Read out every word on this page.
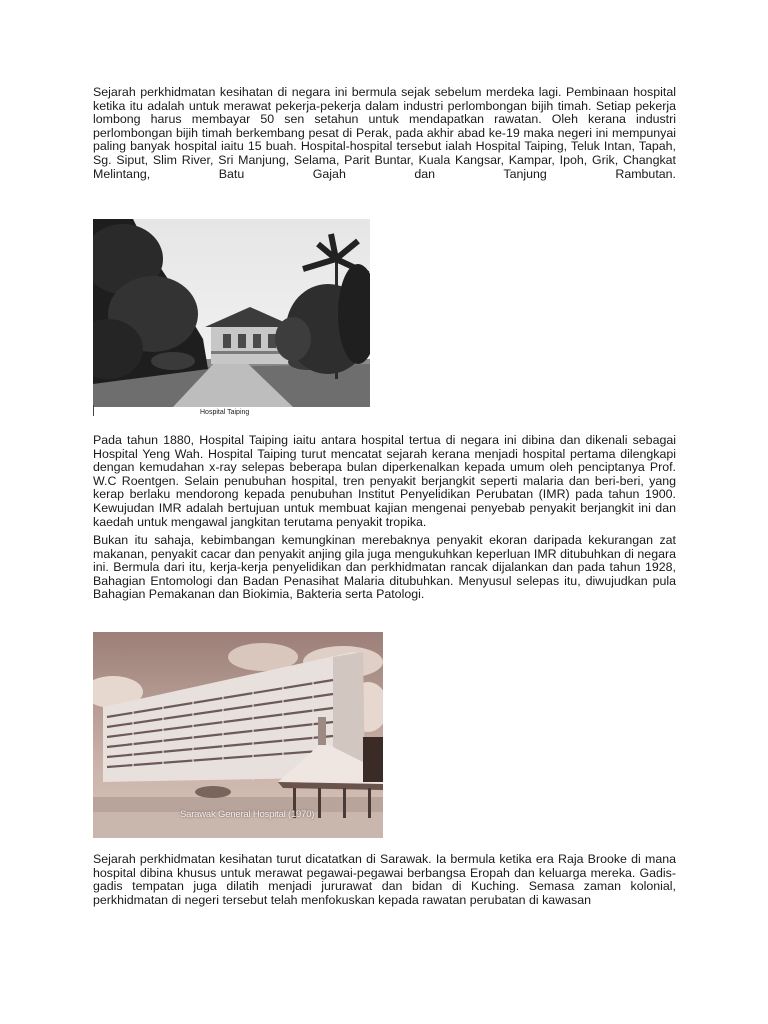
Sejarah perkhidmatan kesihatan di negara ini bermula sejak sebelum merdeka lagi. Pembinaan hospital ketika itu adalah untuk merawat pekerja-pekerja dalam industri perlombongan bijih timah. Setiap pekerja lombong harus membayar 50 sen setahun untuk mendapatkan rawatan. Oleh kerana industri perlombongan bijih timah berkembang pesat di Perak, pada akhir abad ke-19 maka negeri ini mempunyai paling banyak hospital iaitu 15 buah. Hospital-hospital tersebut ialah Hospital Taiping, Teluk Intan, Tapah, Sg. Siput, Slim River, Sri Manjung, Selama, Parit Buntar, Kuala Kangsar, Kampar, Ipoh, Grik, Changkat Melintang, Batu Gajah dan Tanjung Rambutan.

Hospital Taiping

Pada tahun 1880, Hospital Taiping iaitu antara hospital tertua di negara ini dibina dan dikenali sebagai Hospital Yeng Wah. Hospital Taiping turut mencatat sejarah kerana menjadi hospital pertama dilengkapi dengan kemudahan x-ray selepas beberapa bulan diperkenalkan kepada umum oleh penciptanya Prof. W.C Roentgen. Selain penubuhan hospital, tren penyakit berjangkit seperti malaria dan beri-beri, yang kerap berlaku mendorong kepada penubuhan Institut Penyelidikan Perubatan (IMR) pada tahun 1900. Kewujudan IMR adalah bertujuan untuk membuat kajian mengenai penyebab penyakit berjangkit ini dan kaedah untuk mengawal jangkitan terutama penyakit tropika.

Bukan itu sahaja, kebimbangan kemungkinan merebaknya penyakit ekoran daripada kekurangan zat makanan, penyakit cacar dan penyakit anjing gila juga mengukuhkan keperluan IMR ditubuhkan di negara ini. Bermula dari itu, kerja-kerja penyelidikan dan perkhidmatan rancak dijalankan dan pada tahun 1928, Bahagian Entomologi dan Badan Penasihat Malaria ditubuhkan. Menyusul selepas itu, diwujudkan pula Bahagian Pemakanan dan Biokimia, Bakteria serta Patologi.

Sarawak General Hospital (1970)

Sejarah perkhidmatan kesihatan turut dicatatkan di Sarawak. Ia bermula ketika era Raja Brooke di mana hospital dibina khusus untuk merawat pegawai-pegawai berbangsa Eropah dan keluarga mereka. Gadis-gadis tempatan juga dilatih menjadi jururawat dan bidan di Kuching. Semasa zaman kolonial, perkhidmatan di negeri tersebut telah menfokuskan kepada rawatan perubatan di kawasan
